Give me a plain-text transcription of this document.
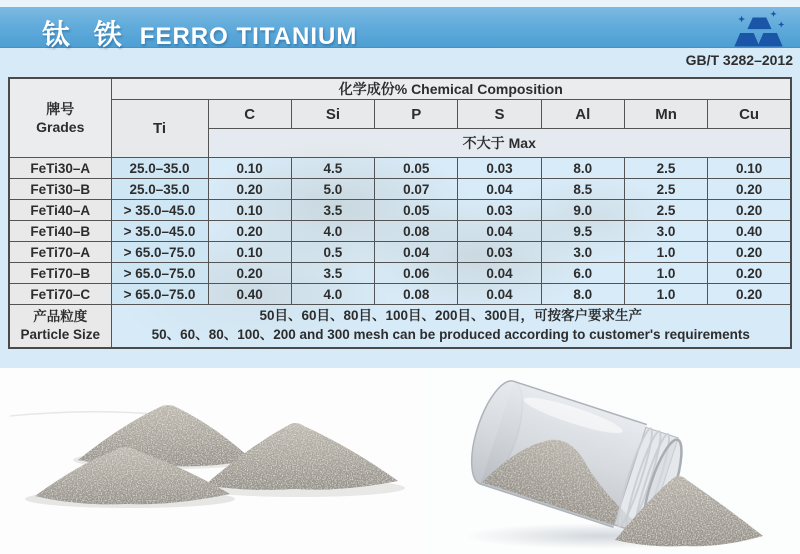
钛 铁 FERRO TITANIUM
GB/T 3282–2012
牌号
Grades	化学成份% Chemical Composition							
	Ti	C	Si	P	S	Al	Mn	Cu
		不大于 Max						
FeTi30–A	25.0–35.0	0.10	4.5	0.05	0.03	8.0	2.5	0.10
FeTi30–B	25.0–35.0	0.20	5.0	0.07	0.04	8.5	2.5	0.20
FeTi40–A	> 35.0–45.0	0.10	3.5	0.05	0.03	9.0	2.5	0.20
FeTi40–B	> 35.0–45.0	0.20	4.0	0.08	0.04	9.5	3.0	0.40
FeTi70–A	> 65.0–75.0	0.10	0.5	0.04	0.03	3.0	1.0	0.20
FeTi70–B	> 65.0–75.0	0.20	3.5	0.06	0.04	6.0	1.0	0.20
FeTi70–C	> 65.0–75.0	0.40	4.0	0.08	0.04	8.0	1.0	0.20

产品粒度
Particle Size

50目、60目、80目、100目、200目、300目，可按客户要求生产
50、60、80、100、200 and 300 mesh can be produced according to customer's requirements
